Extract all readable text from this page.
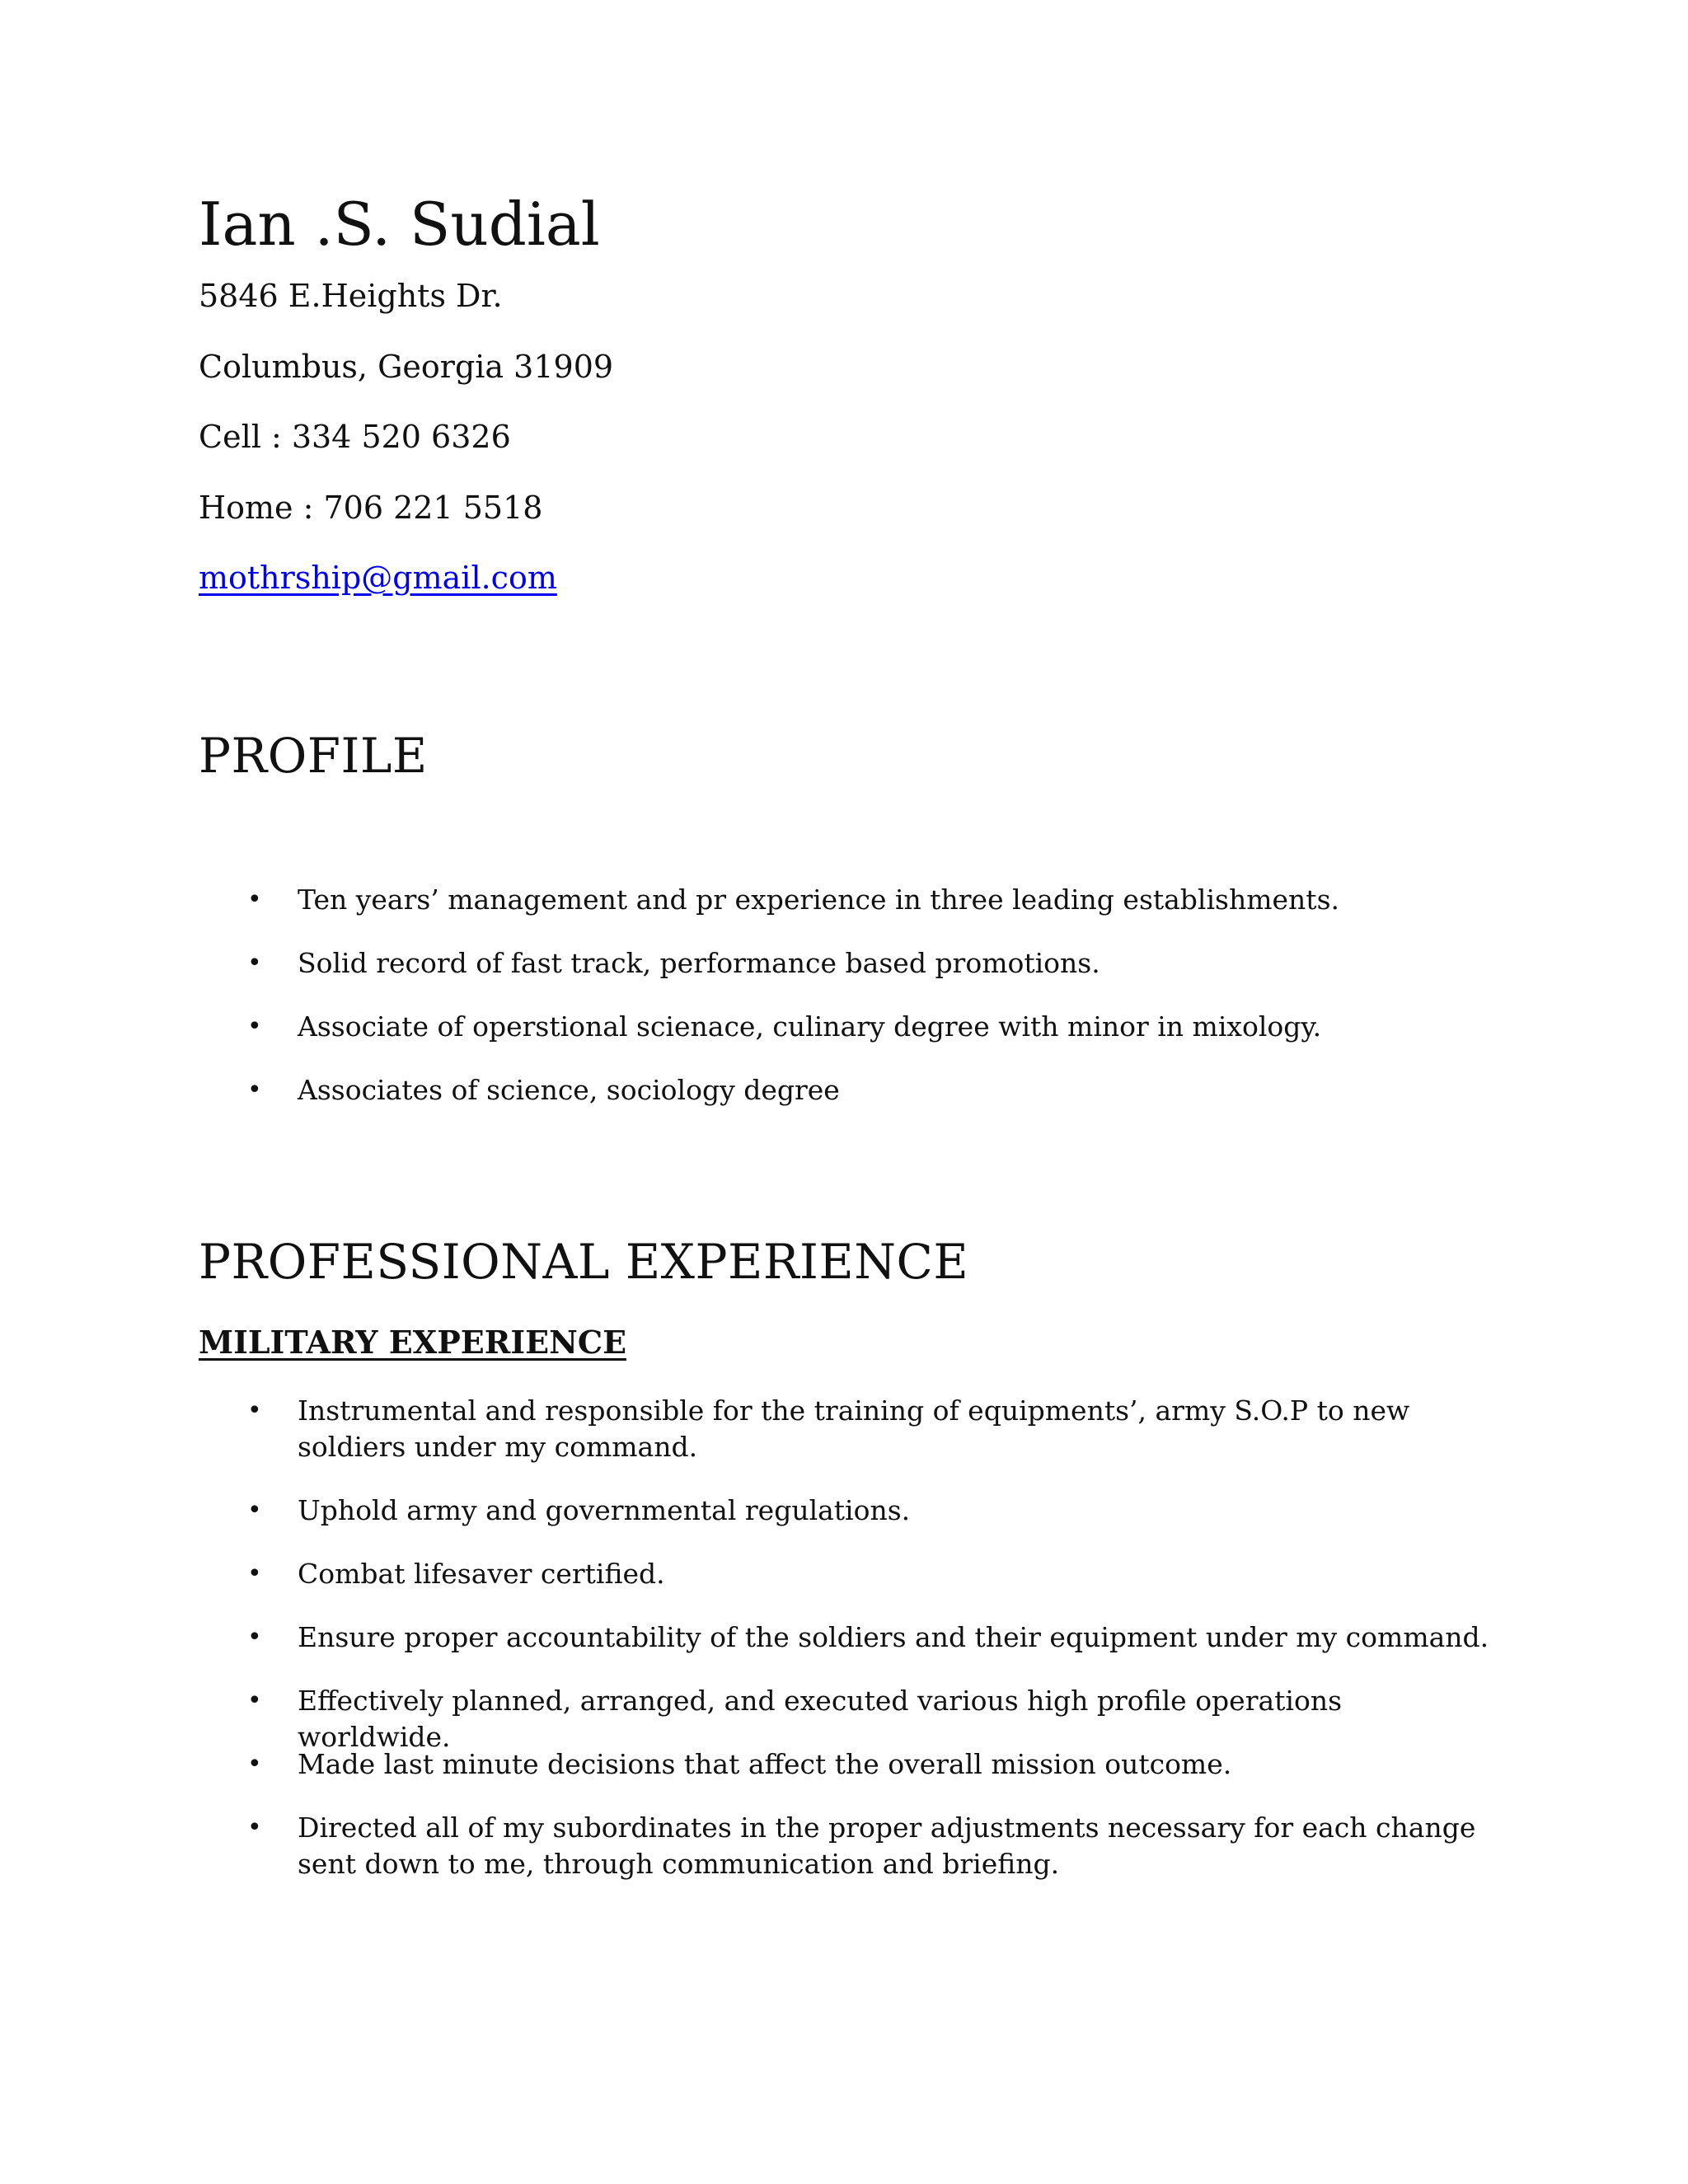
Ian .S. Sudial
5846 E.Heights Dr.
Columbus, Georgia 31909
Cell : 334 520 6326
Home : 706 221 5518
mothrship@gmail.com
PROFILE
• Ten years’ management and pr experience in three leading establishments.
• Solid record of fast track, performance based promotions.
• Associate of operstional scienace, culinary degree with minor in mixology.
• Associates of science, sociology degree
PROFESSIONAL EXPERIENCE
MILITARY EXPERIENCE
• Instrumental and responsible for the training of equipments’, army S.O.P to new soldiers under my command.
• Uphold army and governmental regulations.
• Combat lifesaver certified.
• Ensure proper accountability of the soldiers and their equipment under my command.
• Effectively planned, arranged, and executed various high profile operations worldwide.
• Made last minute decisions that affect the overall mission outcome.
• Directed all of my subordinates in the proper adjustments necessary for each change sent down to me, through communication and briefing.
